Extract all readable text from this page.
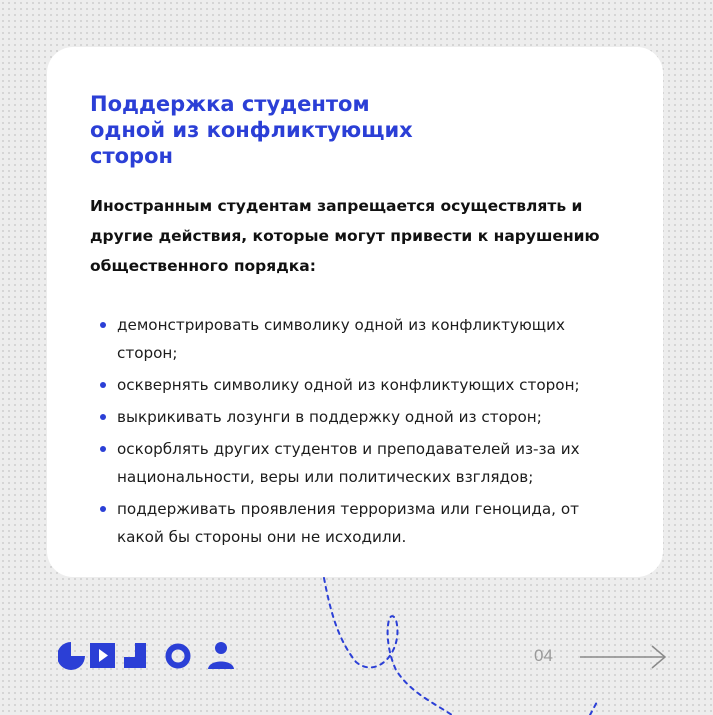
Поддержка студентом одной из конфликтующих сторон

Иностранным студентам запрещается осуществлять и другие действия, которые могут привести к нарушению общественного порядка:

демонстрировать символику одной из конфликтующих сторон;
осквернять символику одной из конфликтующих сторон;
выкрикивать лозунги в поддержку одной из сторон;
оскорблять других студентов и преподавателей из-за их национальности, веры или политических взглядов;
поддерживать проявления терроризма или геноцида, от какой бы стороны они не исходили.
04
